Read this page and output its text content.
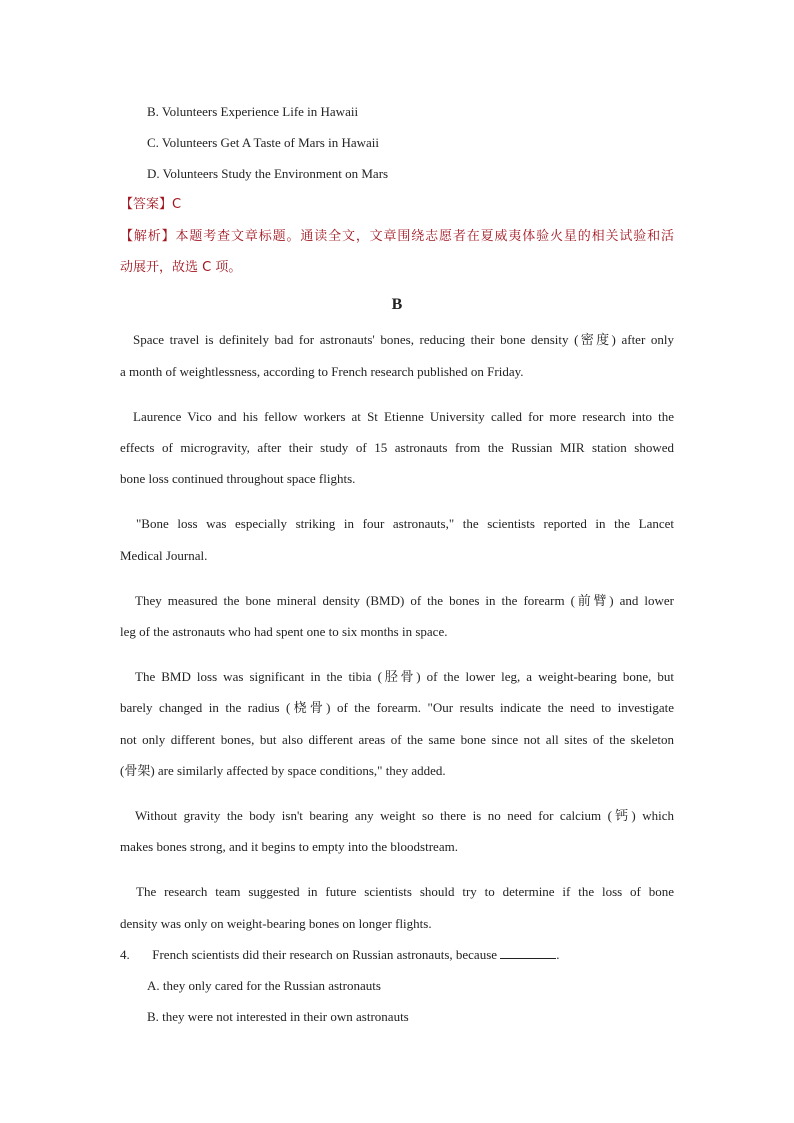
B. Volunteers Experience Life in Hawaii
C. Volunteers Get A Taste of Mars in Hawaii
D. Volunteers Study the Environment on Mars
【答案】C
【解析】本题考查文章标题。通读全文，文章围绕志愿者在夏威夷体验火星的相关试验和活
动展开，故选 C 项。
B
Space travel is definitely bad for astronauts' bones, reducing their bone density (密度) after only
a month of weightlessness, according to French research published on Friday.
Laurence Vico and his fellow workers at St Etienne University called for more research into the
effects of microgravity, after their study of 15 astronauts from the Russian MIR station showed
bone loss continued throughout space flights.
"Bone loss was especially striking in four astronauts," the scientists reported in the Lancet
Medical Journal.
They measured the bone mineral density (BMD) of the bones in the forearm (前臂) and lower
leg of the astronauts who had spent one to six months in space.
The BMD loss was significant in the tibia (胫骨) of the lower leg, a weight-bearing bone, but
barely changed in the radius (桡骨) of the forearm. "Our results indicate the need to investigate
not only different bones, but also different areas of the same bone since not all sites of the skeleton
(骨架) are similarly affected by space conditions," they added.
Without gravity the body isn't bearing any weight so there is no need for calcium (钙) which
makes bones strong, and it begins to empty into the bloodstream.
The research team suggested in future scientists should try to determine if the loss of bone
density was only on weight-bearing bones on longer flights.
4. French scientists did their research on Russian astronauts, because	.
A. they only cared for the Russian astronauts
B. they were not interested in their own astronauts
